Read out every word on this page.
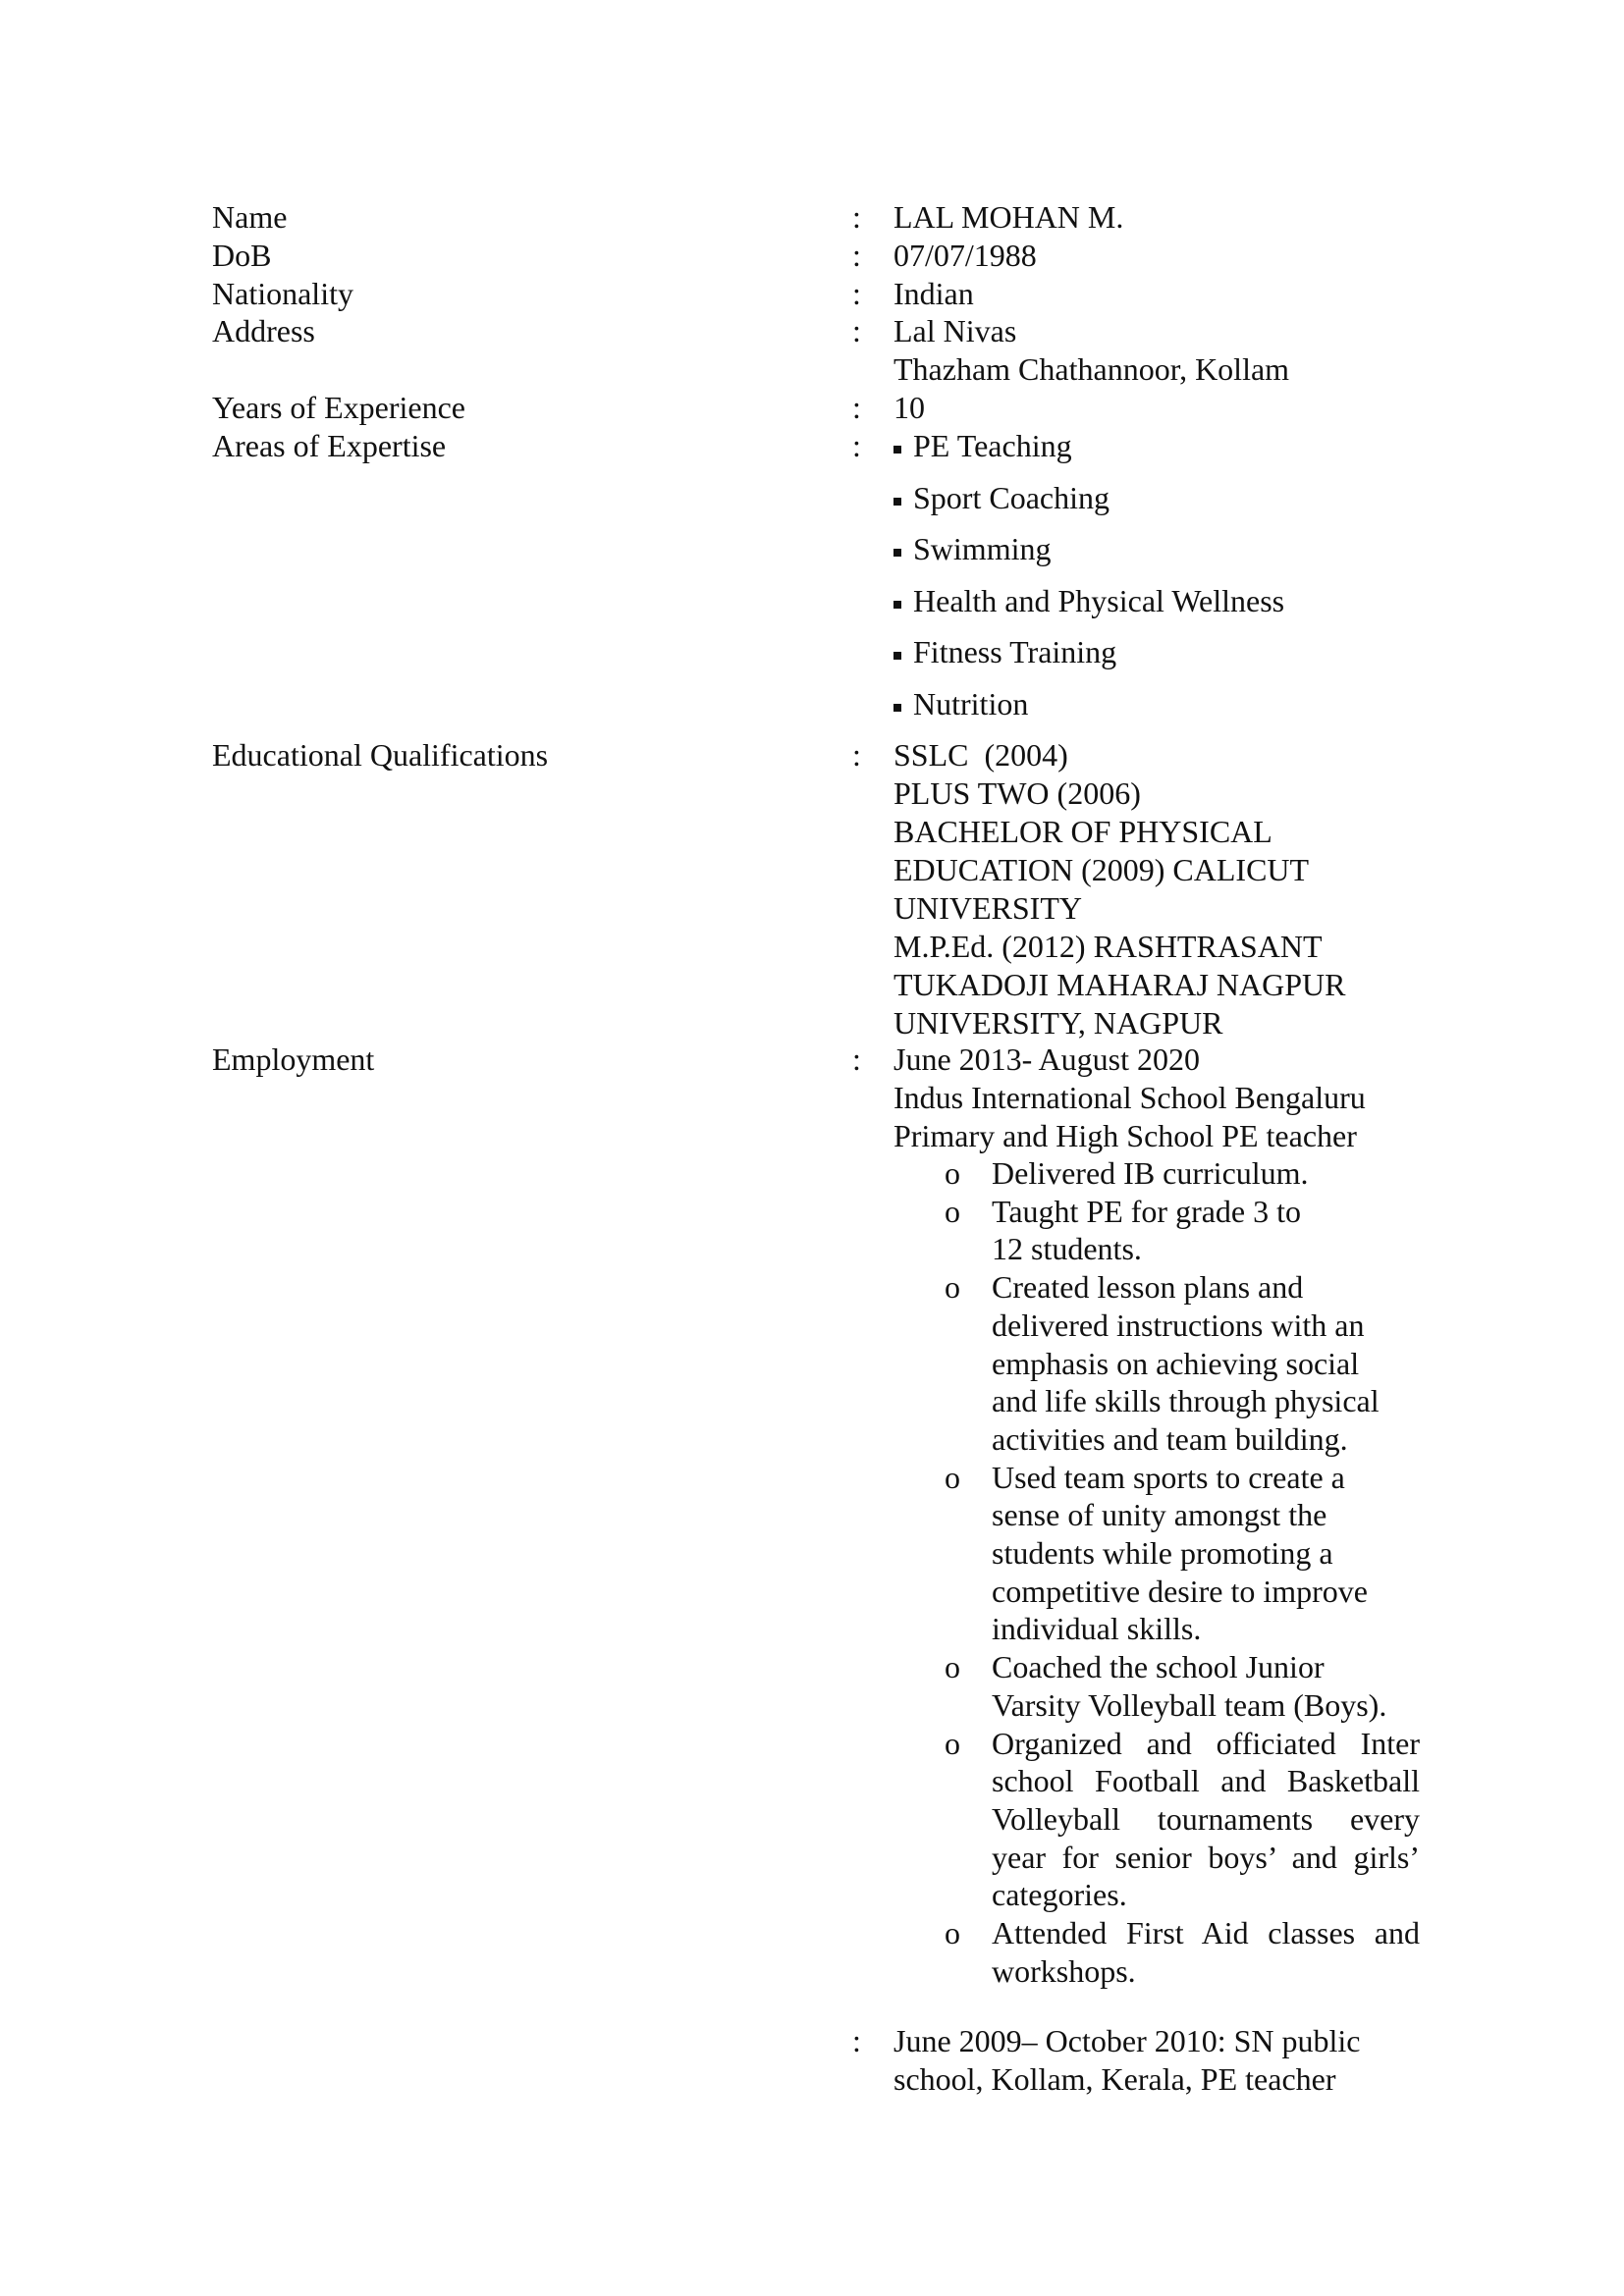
Name	: LAL MOHAN M.
DoB	: 07/07/1988
Nationality	: Indian
Address	: Lal Nivas
Thazham Chathannoor, Kollam
Years of Experience	: 10
Areas of Expertise	:	PE Teaching
Sport Coaching
Swimming
Health and Physical Wellness
Fitness Training
Nutrition
Educational Qualifications	: SSLC  (2004)
PLUS TWO (2006)
BACHELOR OF PHYSICAL
EDUCATION (2009) CALICUT
UNIVERSITY
M.P.Ed. (2012) RASHTRASANT
TUKADOJI MAHARAJ NAGPUR
UNIVERSITY, NAGPUR
Employment	: June 2013- August 2020
Indus International School Bengaluru
Primary and High School PE teacher
o Delivered IB curriculum.
o Taught PE for grade 3 to 12 students.
o Created lesson plans and delivered instructions with an emphasis on achieving social and life skills through physical activities and team building.
o Used team sports to create a sense of unity amongst the students while promoting a competitive desire to improve individual skills.
o Coached the school Junior Varsity Volleyball team (Boys).
o Organized and officiated Inter school Football and Basketball Volleyball tournaments every year for senior boys’ and girls’ categories.
o Attended First Aid classes and workshops.
: June 2009– October 2010: SN public
school, Kollam, Kerala, PE teacher
